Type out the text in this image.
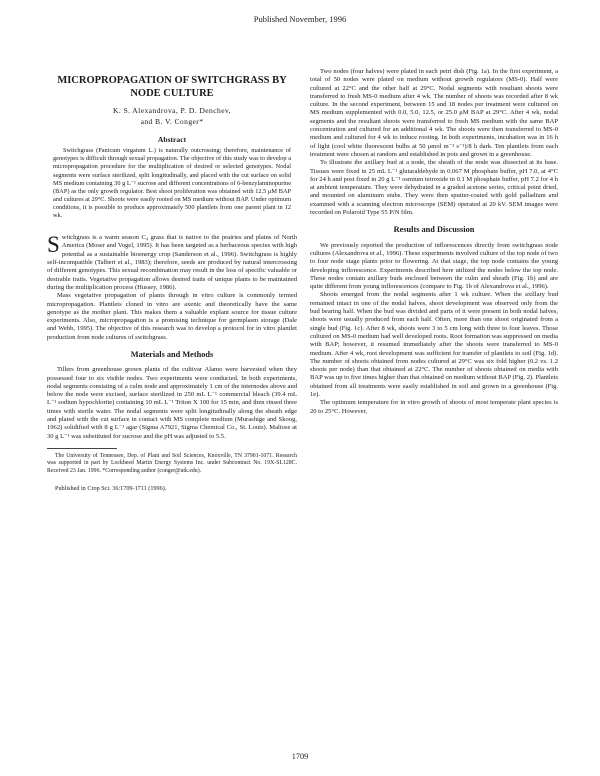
Published November, 1996
MICROPROPAGATION OF SWITCHGRASS BY NODE CULTURE
K. S. Alexandrova, P. D. Denchev,
and B. V. Conger*
Abstract

Switchgrass (Panicum virgatum L.) is naturally outcrossing; therefore, maintenance of genotypes is difficult through sexual propagation. The objective of this study was to develop a micropropagation procedure for the multiplication of desired or selected genotypes. Nodal segments were surface sterilized, split longitudinally, and placed with the cut surface on solid MS medium containing 30 g L⁻¹ sucrose and different concentrations of 6-benzylaminopurine (BAP) as the only growth regulator. Best shoot proliferation was obtained with 12.5 μM BAP and cultures at 29°C. Shoots were easily rooted on MS medium without BAP. Under optimum conditions, it is possible to produce approximately 500 plantlets from one parent plant in 12 wk.

Switchgrass is a warm season C₄ grass that is native to the prairies and plains of North America (Moser and Vogel, 1995). It has been targeted as a herbaceous species with high potential as a sustainable bioenergy crop (Sanderson et al., 1996). Switchgrass is highly self-incompatible (Talbert et al., 1983); therefore, seeds are produced by natural intercrossing of different genotypes. This sexual recombination may result in the loss of specific valuable or desirable traits. Vegetative propagation allows desired traits of unique plants to be maintained during the multiplication process (Hussey, 1986).

Mass vegetative propagation of plants through in vitro culture is commonly termed micropropagation. Plantlets cloned in vitro are axenic and theoretically have the same genotype as the mother plant. This makes them a valuable explant source for tissue culture experiments. Also, micropropagation is a promising technique for germplasm storage (Dale and Webb, 1995). The objective of this research was to develop a protocol for in vitro plantlet production from node cultures of switchgrass.

Materials and Methods

Tillers from greenhouse grown plants of the cultivar Alamo were harvested when they possessed four to six visible nodes. Two experiments were conducted. In both experiments, nodal segments consisting of a culm node and approximately 1 cm of the internodes above and below the node were excised, surface sterilized in 250 mL L⁻¹ commercial bleach (39.4 mL L⁻¹ sodium hypochlorite) containing 10 mL L⁻¹ Triton X 100 for 15 min, and then rinsed three times with sterile water. The nodal segments were split longitudinally along the sheath edge and plated with the cut surface in contact with MS complete medium (Murashige and Skoog, 1962) solidified with 8 g L⁻¹ agar (Sigma A7921, Sigma Chemical Co., St. Louis). Maltose at 30 g L⁻¹ was substituted for sucrose and the pH was adjusted to 5.5.

The University of Tennessee, Dep. of Plant and Soil Sciences, Knoxville, TN 37901-1071. Research was supported in part by Lockheed Martin Energy Systems Inc. under Subcontract No. 19X-SL128C. Received 23 Jan. 1996. *Corresponding author (conger@utk.edu).

Published in Crop Sci. 36:1709-1711 (1996).

Two nodes (four halves) were plated in each petri dish (Fig. 1a). In the first experiment, a total of 50 nodes were plated on medium without growth regulators (MS-0). Half were cultured at 22°C and the other half at 29°C. Nodal segments with resultant shoots were transferred to fresh MS-0 medium after 4 wk. The number of shoots was recorded after 8 wk culture. In the second experiment, between 15 and 18 nodes per treatment were cultured on MS medium supplemented with 0.0, 5.0, 12.5, or 25.0 μM BAP at 29°C. After 4 wk, nodal segments and the resultant shoots were transferred to fresh MS medium with the same BAP concentration and cultured for an additional 4 wk. The shoots were then transferred to MS-0 medium and cultured for 4 wk to induce rooting. In both experiments, incubation was in 16 h of light (cool white fluorescent bulbs at 50 μmol m⁻² s⁻¹)/8 h dark. Ten plantlets from each treatment were chosen at random and established in pots and grown in a greenhouse.

To illustrate the axillary bud at a node, the sheath of the node was dissected at its base. Tissues were fixed in 25 mL L⁻¹ glutaraldehyde in 0.067 M phosphate buffer, pH 7.0, at 4°C for 24 h and post fixed in 20 g L⁻¹ osmium tetroxide in 0.1 M phosphate buffer, pH 7.2 for 4 h at ambient temperature. They were dehydrated in a graded acetone series, critical point dried, and mounted on aluminum stubs. They were then sputter-coated with gold palladium and examined with a scanning electron microscope (SEM) operated at 20 kV. SEM images were recorded on Polaroid Type 55 P/N film.

Results and Discussion

We previously reported the production of inflorescences directly from switchgrass node cultures (Alexandrova et al., 1996). These experiments involved culture of the top node of two to four node stage plants prior to flowering. At that stage, the top node contains the young developing inflorescence. Experiments described here utilized the nodes below the top node. These nodes contain axillary buds enclosed between the culm and sheath (Fig. 1b) and are quite different from young inflorescences (compare to Fig. 1b of Alexandrova et al., 1996).

Shoots emerged from the nodal segments after 1 wk culture. When the axillary bud remained intact in one of the nodal halves, shoot development was observed only from the bud bearing half. When the bud was divided and parts of it were present in both nodal halves, shoots were usually produced from each half. Often, more than one shoot originated from a single bud (Fig. 1c). After 8 wk, shoots were 3 to 5 cm long with three to four leaves. Those cultured on MS-0 medium had well developed roots. Root formation was suppressed on media with BAP; however, it resumed immediately after the shoots were transferred to MS-0 medium. After 4 wk, root development was sufficient for transfer of plantlets to soil (Fig. 1d). The number of shoots obtained from nodes cultured at 29°C was six fold higher (0.2 vs. 1.2 shoots per node) than that obtained at 22°C. The number of shoots obtained on media with BAP was up to five times higher than that obtained on medium without BAP (Fig. 2). Plantlets obtained from all treatments were easily established in soil and grown in a greenhouse (Fig. 1e).

The optimum temperature for in vitro growth of shoots of most temperate plant species is 20 to 25°C. However,

1709
